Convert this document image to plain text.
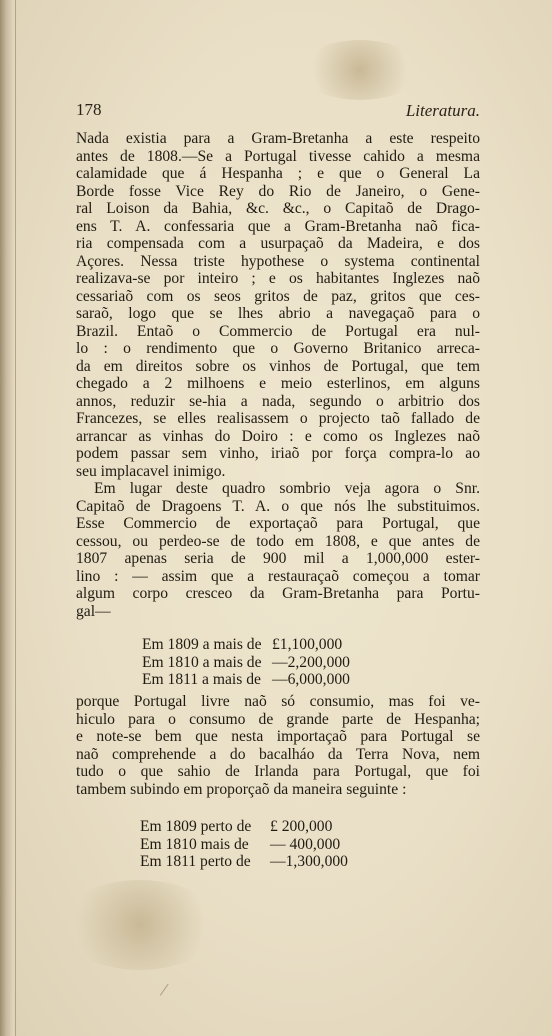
178	Literatura.
Nada existia para a Gram-Bretanha a este respeito
antes de 1808.—Se a Portugal tivesse cahido a mesma
calamidade que á Hespanha ; e que o General La
Borde fosse Vice Rey do Rio de Janeiro, o Gene-
ral Loison da Bahia, &c. &c., o Capitaõ de Drago-
ens T. A. confessaria que a Gram-Bretanha naõ fica-
ria compensada com a usurpaçaõ da Madeira, e dos
Açores. Nessa triste hypothese o systema continental
realizava-se por inteiro ; e os habitantes Inglezes naõ
cessariaõ com os seos gritos de paz, gritos que ces-
saraõ, logo que se lhes abrio a navegaçaõ para o
Brazil. Entaõ o Commercio de Portugal era nul-
lo : o rendimento que o Governo Britanico arreca-
da em direitos sobre os vinhos de Portugal, que tem
chegado a 2 milhoens e meio esterlinos, em alguns
annos, reduzir se-hia a nada, segundo o arbitrio dos
Francezes, se elles realisassem o projecto taõ fallado de
arrancar as vinhas do Doiro : e como os Inglezes naõ
podem passar sem vinho, iriaõ por força compra-lo ao
seu implacavel inimigo.
Em lugar deste quadro sombrio veja agora o Snr.
Capitaõ de Dragoens T. A. o que nós lhe substituimos.
Esse Commercio de exportaçaõ para Portugal, que
cessou, ou perdeo-se de todo em 1808, e que antes de
1807 apenas seria de 900 mil a 1,000,000 ester-
lino : — assim que a restauraçaõ começou a tomar
algum corpo cresceo da Gram-Bretanha para Portu-
gal—
Em 1809 a mais de £1,100,000
Em 1810 a mais de —2,200,000
Em 1811 a mais de —6,000,000
porque Portugal livre naõ só consumio, mas foi ve-
hiculo para o consumo de grande parte de Hespanha;
e note-se bem que nesta importaçaõ para Portugal se
naõ comprehende a do bacalháo da Terra Nova, nem
tudo o que sahio de Irlanda para Portugal, que foi
tambem subindo em proporçaõ da maneira seguinte :
Em 1809 perto de £ 200,000
Em 1810 mais de — 400,000
Em 1811 perto de —1,300,000
